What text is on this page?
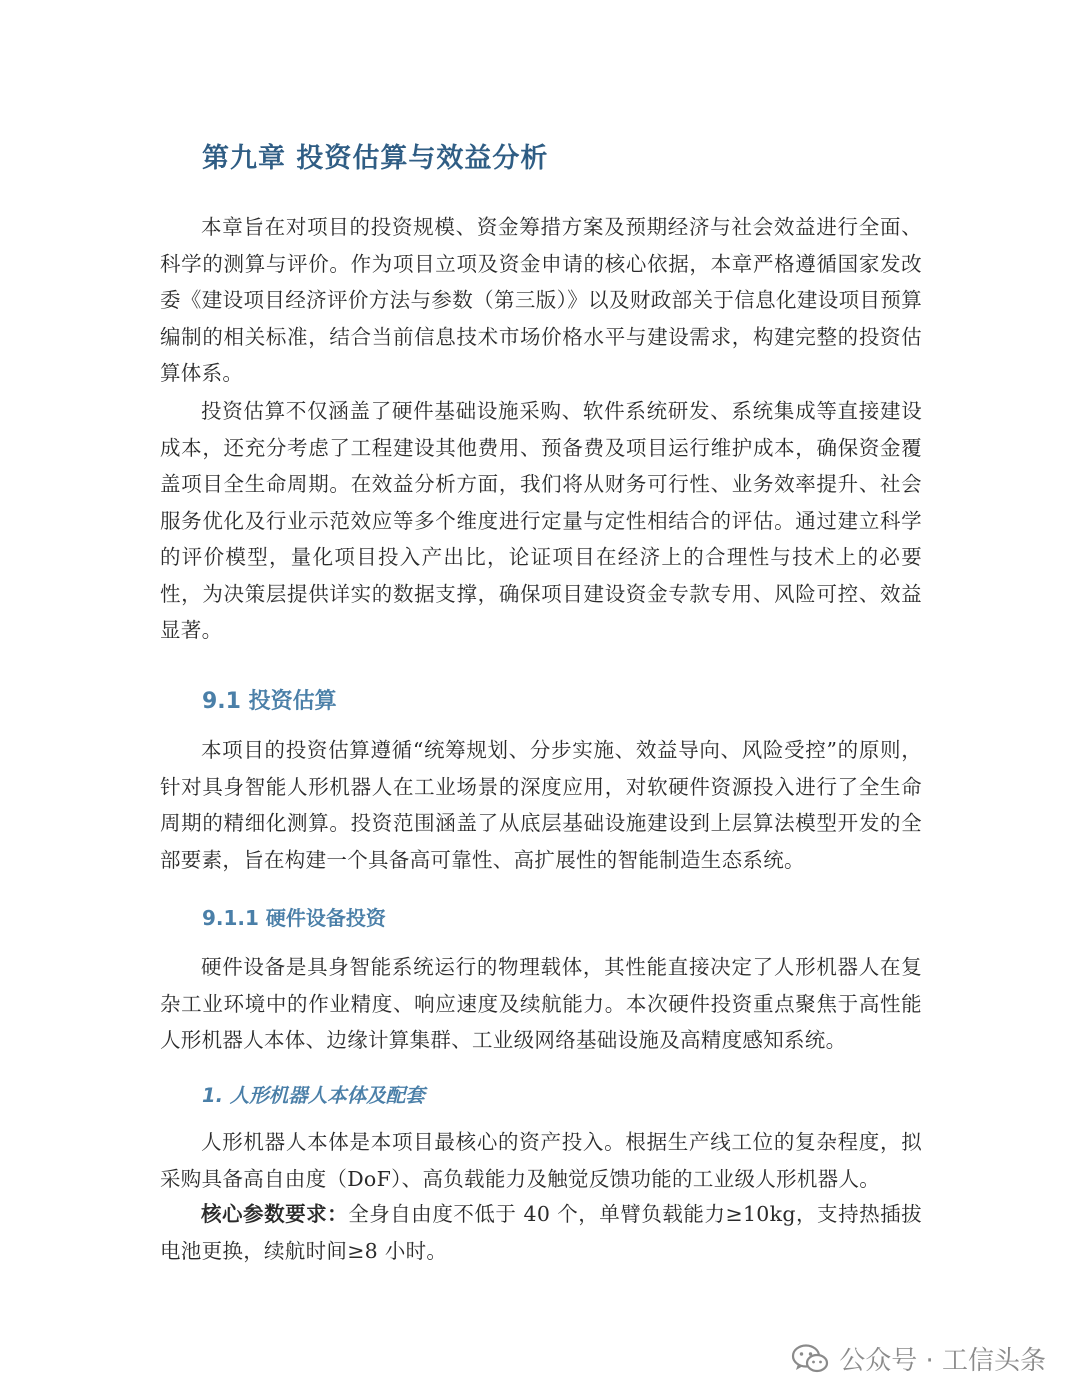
第九章 投资估算与效益分析

本章旨在对项目的投资规模、资金筹措方案及预期经济与社会效益进行全面、科学的测算与评价。作为项目立项及资金申请的核心依据，本章严格遵循国家发改委《建设项目经济评价方法与参数（第三版）》以及财政部关于信息化建设项目预算编制的相关标准，结合当前信息技术市场价格水平与建设需求，构建完整的投资估算体系。

投资估算不仅涵盖了硬件基础设施采购、软件系统研发、系统集成等直接建设成本，还充分考虑了工程建设其他费用、预备费及项目运行维护成本，确保资金覆盖项目全生命周期。在效益分析方面，我们将从财务可行性、业务效率提升、社会服务优化及行业示范效应等多个维度进行定量与定性相结合的评估。通过建立科学的评价模型，量化项目投入产出比，论证项目在经济上的合理性与技术上的必要性，为决策层提供详实的数据支撑，确保项目建设资金专款专用、风险可控、效益显著。

9.1 投资估算

本项目的投资估算遵循“统筹规划、分步实施、效益导向、风险受控”的原则，针对具身智能人形机器人在工业场景的深度应用，对软硬件资源投入进行了全生命周期的精细化测算。投资范围涵盖了从底层基础设施建设到上层算法模型开发的全部要素，旨在构建一个具备高可靠性、高扩展性的智能制造生态系统。

9.1.1 硬件设备投资

硬件设备是具身智能系统运行的物理载体，其性能直接决定了人形机器人在复杂工业环境中的作业精度、响应速度及续航能力。本次硬件投资重点聚焦于高性能人形机器人本体、边缘计算集群、工业级网络基础设施及高精度感知系统。

1. 人形机器人本体及配套

人形机器人本体是本项目最核心的资产投入。根据生产线工位的复杂程度，拟采购具备高自由度（DoF）、高负载能力及触觉反馈功能的工业级人形机器人。

核心参数要求：全身自由度不低于 40 个，单臂负载能力≥10kg，支持热插拔电池更换，续航时间≥8 小时。

公众号 · 工信头条
